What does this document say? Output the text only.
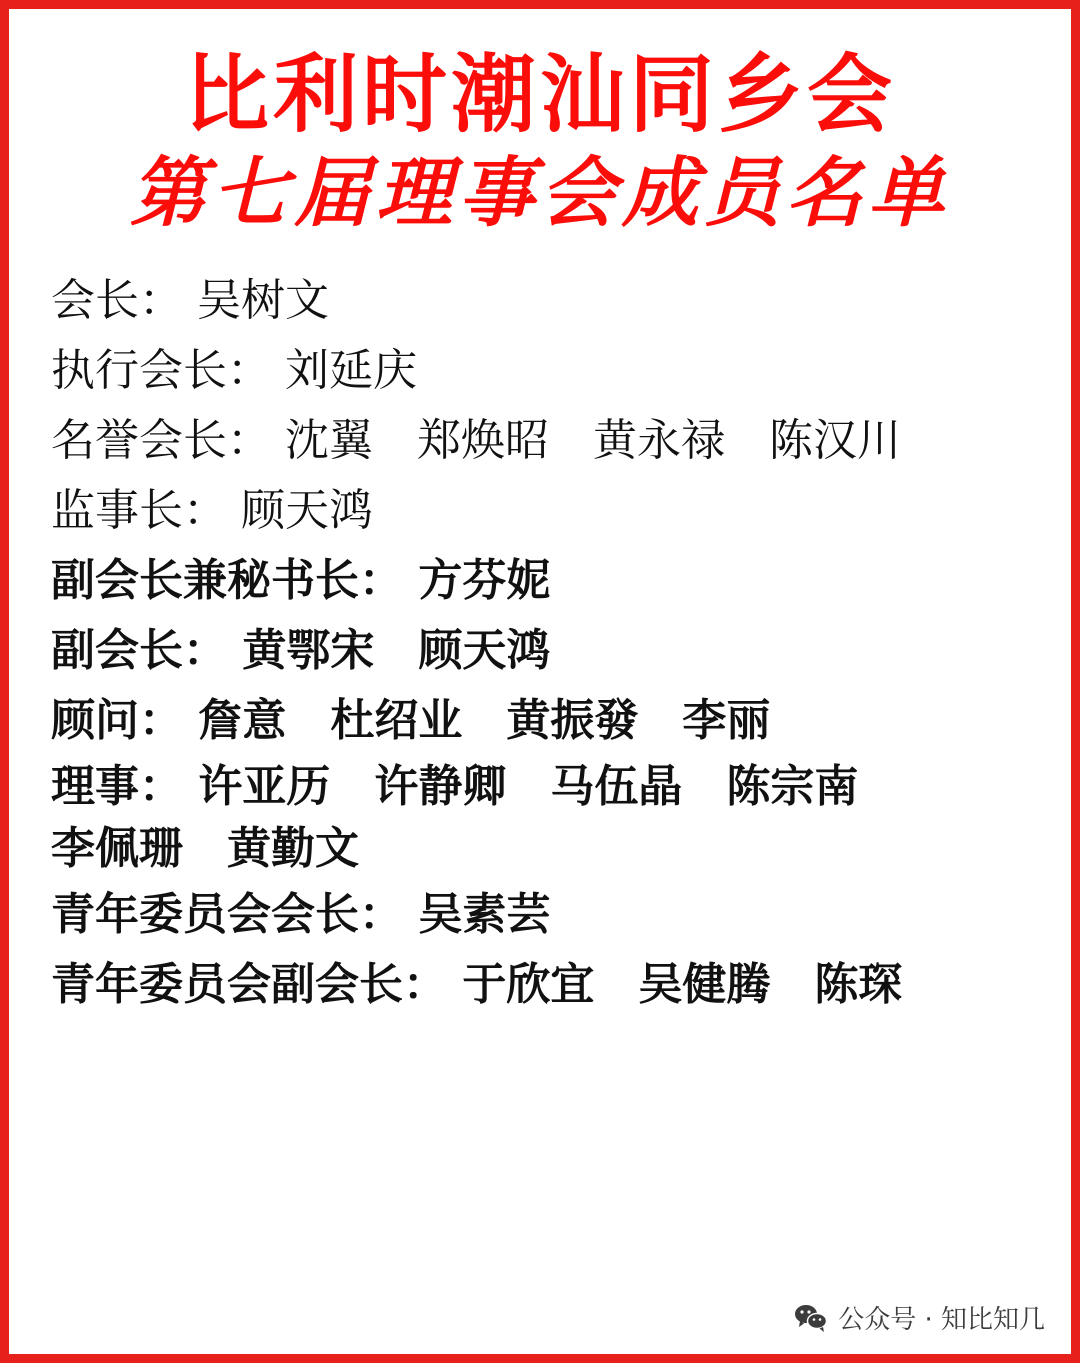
比利时潮汕同乡会
第七届理事会成员名单
会长： 吴树文
执行会长： 刘延庆
名誉会长： 沈翼　郑焕昭　黄永禄　陈汉川
监事长： 顾天鸿
副会长兼秘书长： 方芬妮
副会长： 黄鄂宋　顾天鸿
顾问： 詹意　杜绍业　黄振發　李丽
理事： 许亚历　许静卿　马伍晶　陈宗南
李佩珊　黄勤文
青年委员会会长： 吴素芸
青年委员会副会长： 于欣宜　吴健腾　陈琛
公众号 · 知比知几
